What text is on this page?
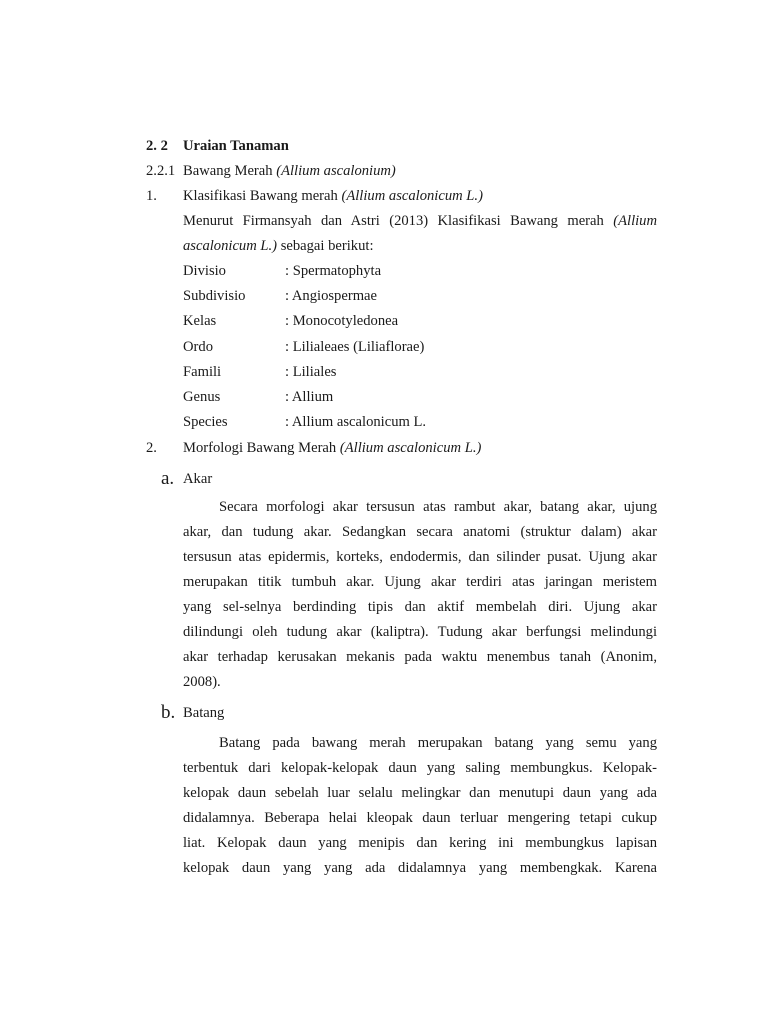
2. 2 Uraian Tanaman
2.2.1 Bawang Merah (Allium ascalonium)
1. Klasifikasi Bawang merah (Allium ascalonicum L.)
Menurut Firmansyah dan Astri (2013) Klasifikasi Bawang merah (Allium
ascalonicum L.) sebagai berikut:
Divisio	: Spermatophyta
Subdivisio	: Angiospermae
Kelas	: Monocotyledonea
Ordo	: Lilialeaes (Liliaflorae)
Famili	: Liliales
Genus	: Allium
Species	: Allium ascalonicum L.
2. Morfologi Bawang Merah (Allium ascalonicum L.)
a. Akar
Secara morfologi akar tersusun atas rambut akar, batang akar, ujung
akar, dan tudung akar. Sedangkan secara anatomi (struktur dalam) akar
tersusun atas epidermis, korteks, endodermis, dan silinder pusat. Ujung akar
merupakan titik tumbuh akar. Ujung akar terdiri atas jaringan meristem
yang sel-selnya berdinding tipis dan aktif membelah diri. Ujung akar
dilindungi oleh tudung akar (kaliptra). Tudung akar berfungsi melindungi
akar terhadap kerusakan mekanis pada waktu menembus tanah (Anonim,
2008).
b. Batang
Batang pada bawang merah merupakan batang yang semu yang
terbentuk dari kelopak-kelopak daun yang saling membungkus. Kelopak-
kelopak daun sebelah luar selalu melingkar dan menutupi daun yang ada
didalamnya. Beberapa helai kleopak daun terluar mengering tetapi cukup
liat. Kelopak daun yang menipis dan kering ini membungkus lapisan
kelopak daun yang yang ada didalamnya yang membengkak. Karena
